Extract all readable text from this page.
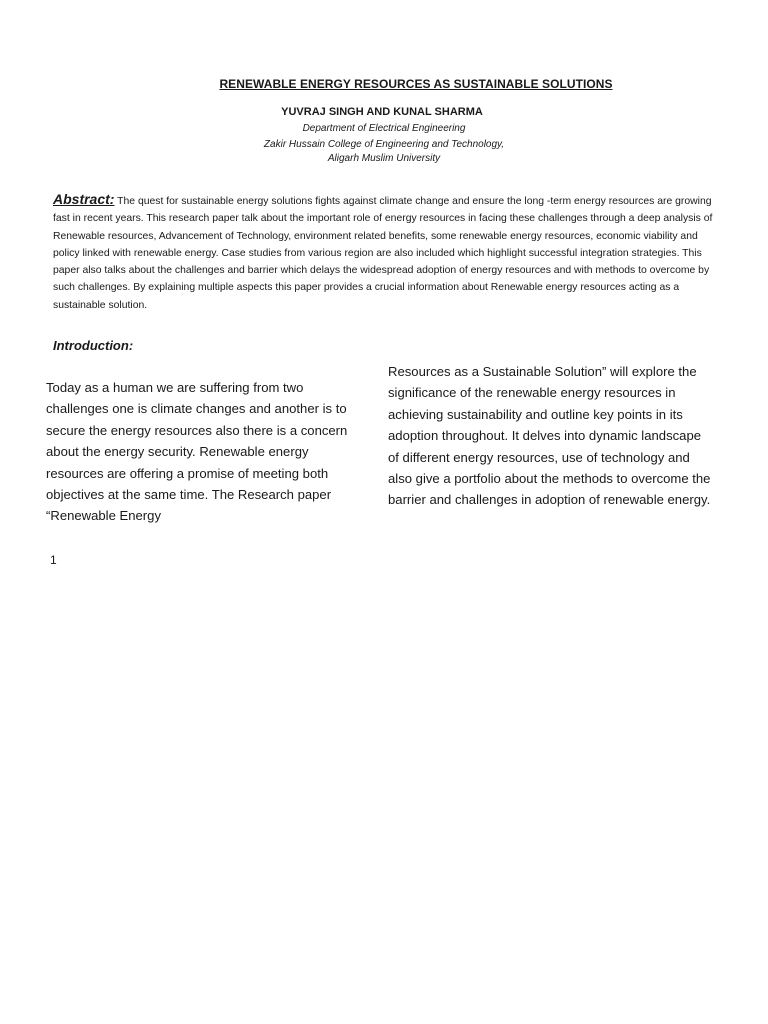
RENEWABLE ENERGY RESOURCES AS SUSTAINABLE SOLUTIONS
YUVRAJ SINGH AND KUNAL SHARMA
Department of Electrical Engineering
Zakir Hussain College of Engineering and Technology,
Aligarh Muslim University
Abstract: The quest for sustainable energy solutions fights against climate change and ensure the long -term energy resources are growing fast in recent years. This research paper talk about the important role of energy resources in facing these challenges through a deep analysis of Renewable resources, Advancement of Technology, environment related benefits, some renewable energy resources, economic viability and policy linked with renewable energy. Case studies from various region are also included which highlight successful integration strategies. This paper also talks about the challenges and barrier which delays the widespread adoption of energy resources and with methods to overcome by such challenges. By explaining multiple aspects this paper provides a crucial information about Renewable energy resources acting as a sustainable solution.
Introduction:
Today as a human we are suffering from two challenges one is climate changes and another is to secure the energy resources also there is a concern about the energy security. Renewable energy resources are offering a promise of meeting both objectives at the same time. The Research paper “Renewable Energy
Resources as a Sustainable Solution” will explore the significance of the renewable energy resources in achieving sustainability and outline key points in its adoption throughout. It delves into dynamic landscape of different energy resources, use of technology and also give a portfolio about the methods to overcome the barrier and challenges in adoption of renewable energy.
1
